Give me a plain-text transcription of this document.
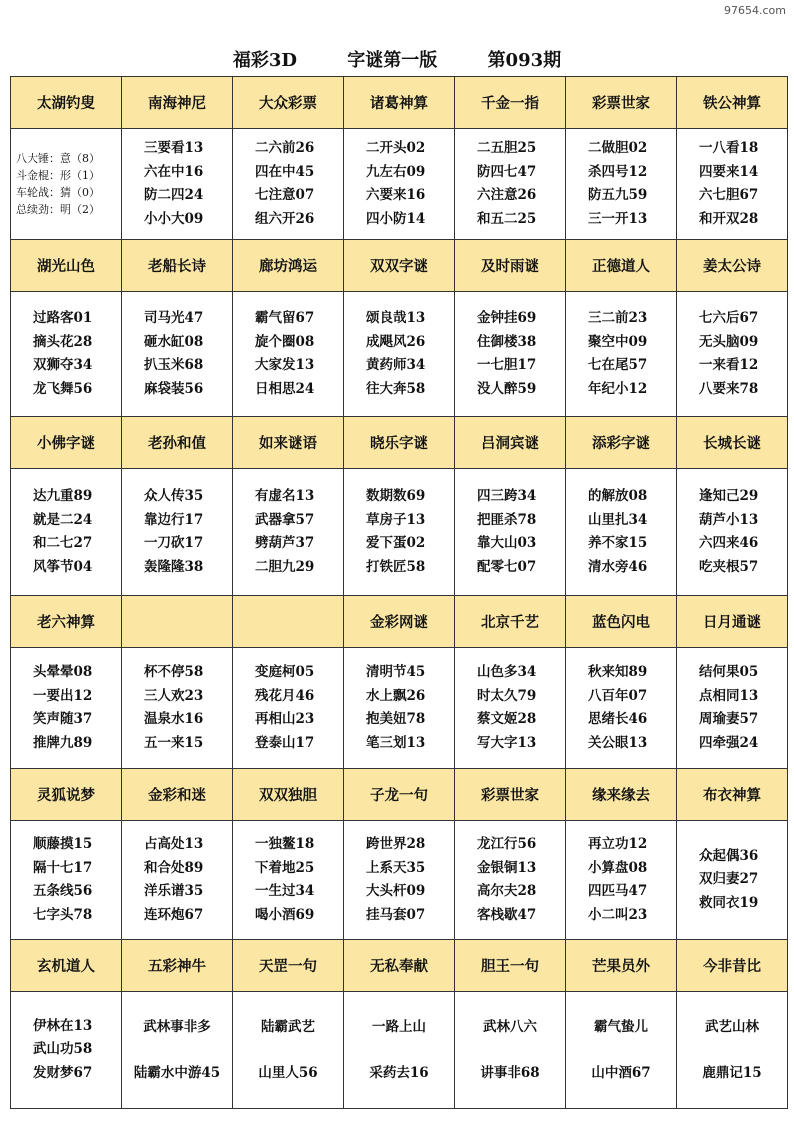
97654.com
福彩3D	字谜第一版	第093期
太湖钓叟	南海神尼	大众彩票	诸葛神算	千金一指	彩票世家	铁公神算

八大锤：意（8）
斗金棍：形（1）
车轮战：猜（0）
总续劲：明（2）	三要看13
六在中16
防二四24
小小大09	二六前26
四在中45
七注意07
组六开26	二开头02
九左右09
六要来16
四小防14	二五胆25
防四七47
六注意26
和五二25	二做胆02
杀四号12
防五九59
三一开13	一八看18
四要来14
六七胆67
和开双28

湖光山色	老船长诗	廊坊鸿运	双双字谜	及时雨谜	正德道人	姜太公诗

过路客01
摘头花28
双狮夺34
龙飞舞56	司马光47
砸水缸08
扒玉米68
麻袋装56	霸气留67
旋个圈08
大家发13
日相思24	颂良哉13
成飓风26
黄药师34
往大奔58	金钟挂69
住御楼38
一七胆17
没人醉59	三二前23
聚空中09
七在尾57
年纪小12	七六后67
无头脑09
一来看12
八要来78

小佛字谜	老孙和值	如来谜语	晓乐字谜	吕洞宾谜	添彩字谜	长城长谜

达九重89
就是二24
和二七27
风筝节04	众人传35
靠边行17
一刀砍17
轰隆隆38	有虚名13
武器拿57
劈葫芦37
二胆九29	数期数69
草房子13
爱下蛋02
打铁匠58	四三跨34
把匪杀78
靠大山03
配零七07	的解放08
山里扎34
养不家15
清水旁46	逢知己29
葫芦小13
六四来46
吃夹根57

老六神算			金彩网谜	北京千艺	蓝色闪电	日月通谜

头晕晕08
一要出12
笑声随37
推牌九89	杯不停58
三人欢23
温泉水16
五一来15	变庭柯05
残花月46
再相山23
登泰山17	清明节45
水上飘26
抱美妞78
笔三划13	山色多34
时太久79
蔡文姬28
写大字13	秋来知89
八百年07
思绪长46
关公眼13	结何果05
点相同13
周瑜妻57
四牵强24

灵狐说梦	金彩和迷	双双独胆	子龙一句	彩票世家	缘来缘去	布衣神算

顺藤摸15
隔十七17
五条线56
七字头78	占高处13
和合处89
洋乐谱35
连环炮67	一独鳌18
下着地25
一生过34
喝小酒69	跨世界28
上系天35
大头杆09
挂马套07	龙江行56
金银铜13
高尔夫28
客栈歇47	再立功12
小算盘08
四匹马47
小二叫23	众起偶36
双归妻27
救同衣19

玄机道人	五彩神牛	天罡一句	无私奉献	胆王一句	芒果员外	今非昔比

伊林在13
武山功58
发财梦67	武林事非多
陆霸水中游45	陆霸武艺
山里人56	一路上山
采药去16	武林八六
讲事非68	霸气蛰儿
山中酒67	武艺山林
鹿鼎记15
